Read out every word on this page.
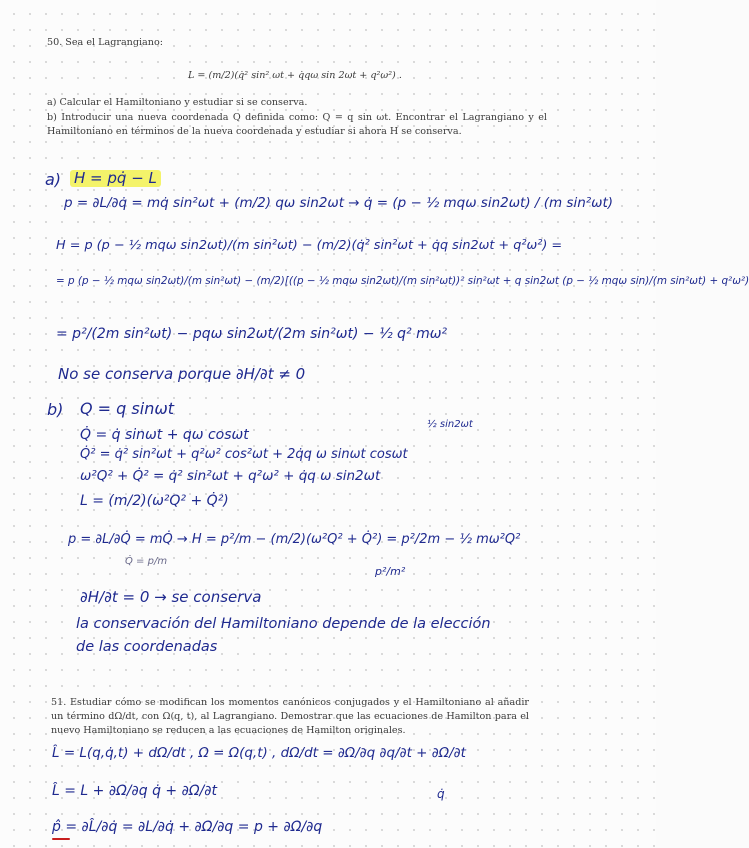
50. Sea el Lagrangiano:
L = (m/2)(q̇² sin² ωt + q̇qω sin 2ωt + q²ω²) .
a) Calcular el Hamiltoniano y estudiar si se conserva.
b) Introducir una nueva coordenada Q definida como: Q = q sin ωt. Encontrar el Lagrangiano y el Hamiltoniano en términos de la nueva coordenada y estudiar si ahora H se conserva.
a) H = pq̇ − L
p = ∂L/∂q̇ = mq̇ sin²ωt + (m/2) qω sin2ωt → q̇ = (p − ½ mqω sin2ωt) / (m sin²ωt)
H = p (p − ½ mqω sin2ωt)/(m sin²ωt) − (m/2)(q̇² sin²ωt + q̇q sin2ωt + q²ω²) =
= p (p − ½ mqω sin2ωt)/(m sin²ωt) − (m/2)[((p − ½ mqω sin2ωt)/(m sin²ωt))² sin²ωt + q sin2ωt (p − ½ mqω sin)/(m sin²ωt) + q²ω²)
= p²/(2m sin²ωt) − pqω sin2ωt/(2m sin²ωt) − ½ q² mω²
No se conserva porque ∂H/∂t ≠ 0
b) Q = q sinωt
½ sin2ωt
Q̇ = q̇ sinωt + qω cosωt
Q̇² = q̇² sin²ωt + q²ω² cos²ωt + 2q̇q ω sinωt cosωt
ω²Q² + Q̇² = q̇² sin²ωt + q²ω² + q̇q ω sin2ωt
L = (m/2)(ω²Q² + Q̇²)
p = ∂L/∂Q̇ = mQ̇ → H = p²/m − (m/2)(ω²Q² + Q̇²) = p²/2m − ½ mω²Q²
Q̇ = p/m
p²/m²
∂H/∂t = 0 → se conserva
la conservación del Hamiltoniano depende de la elección
de las coordenadas
51. Estudiar cómo se modifican los momentos canónicos conjugados y el Hamiltoniano al añadir un término dΩ/dt, con Ω(q, t), al Lagrangiano. Demostrar que las ecuaciones de Hamilton para el nuevo Hamiltoniano se reducen a las ecuaciones de Hamilton originales.
L̂ = L(q,q̇,t) + dΩ/dt , Ω = Ω(q,t) , dΩ/dt = ∂Ω/∂q ∂q/∂t + ∂Ω/∂t
q̇
L̂ = L + ∂Ω/∂q q̇ + ∂Ω/∂t
p̂ = ∂L̂/∂q̇ = ∂L/∂q̇ + ∂Ω/∂q = p + ∂Ω/∂q
